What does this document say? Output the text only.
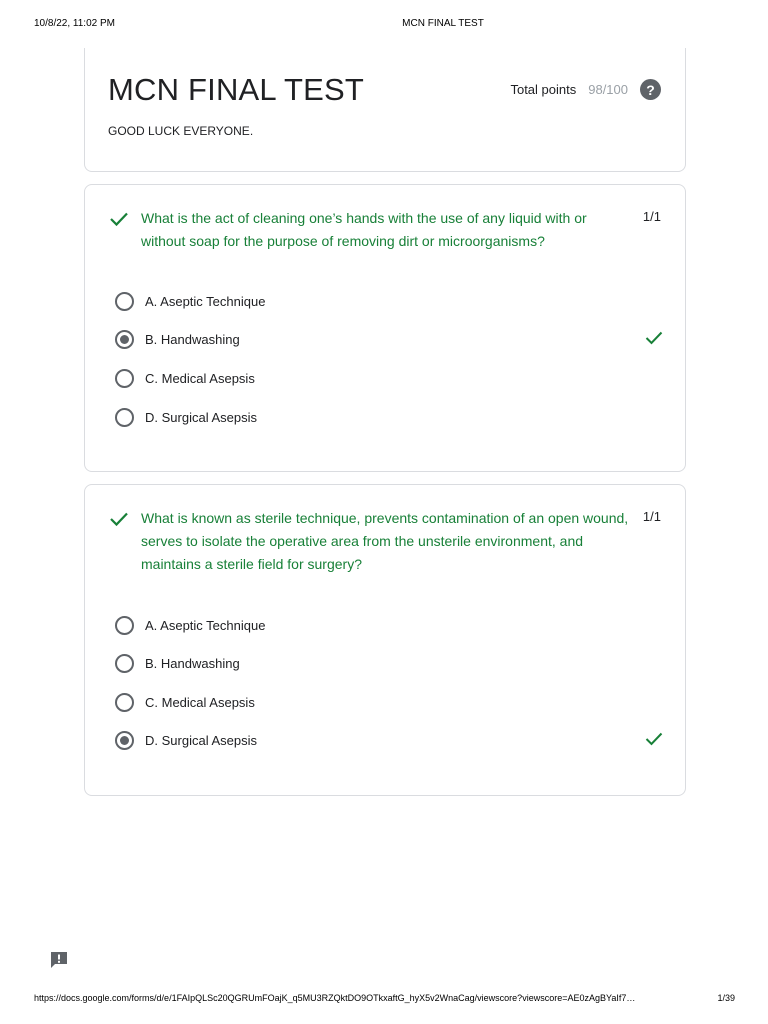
10/8/22, 11:02 PM	MCN FINAL TEST
MCN FINAL TEST
GOOD LUCK EVERYONE.
Total points 98/100	?
What is the act of cleaning one’s hands with the use of any liquid with or without soap for the purpose of removing dirt or microorganisms?
1/1
A. Aseptic Technique
B. Handwashing
C. Medical Asepsis
D. Surgical Asepsis
What is known as sterile technique, prevents contamination of an open wound, serves to isolate the operative area from the unsterile environment, and maintains a sterile field for surgery?
1/1
A. Aseptic Technique
B. Handwashing
C. Medical Asepsis
D. Surgical Asepsis
https://docs.google.com/forms/d/e/1FAIpQLSc20QGRUmFOajK_q5MU3RZQktDO9OTkxaftG_hyX5v2WnaCag/viewscore?viewscore=AE0zAgBYaIf7…	1/39
